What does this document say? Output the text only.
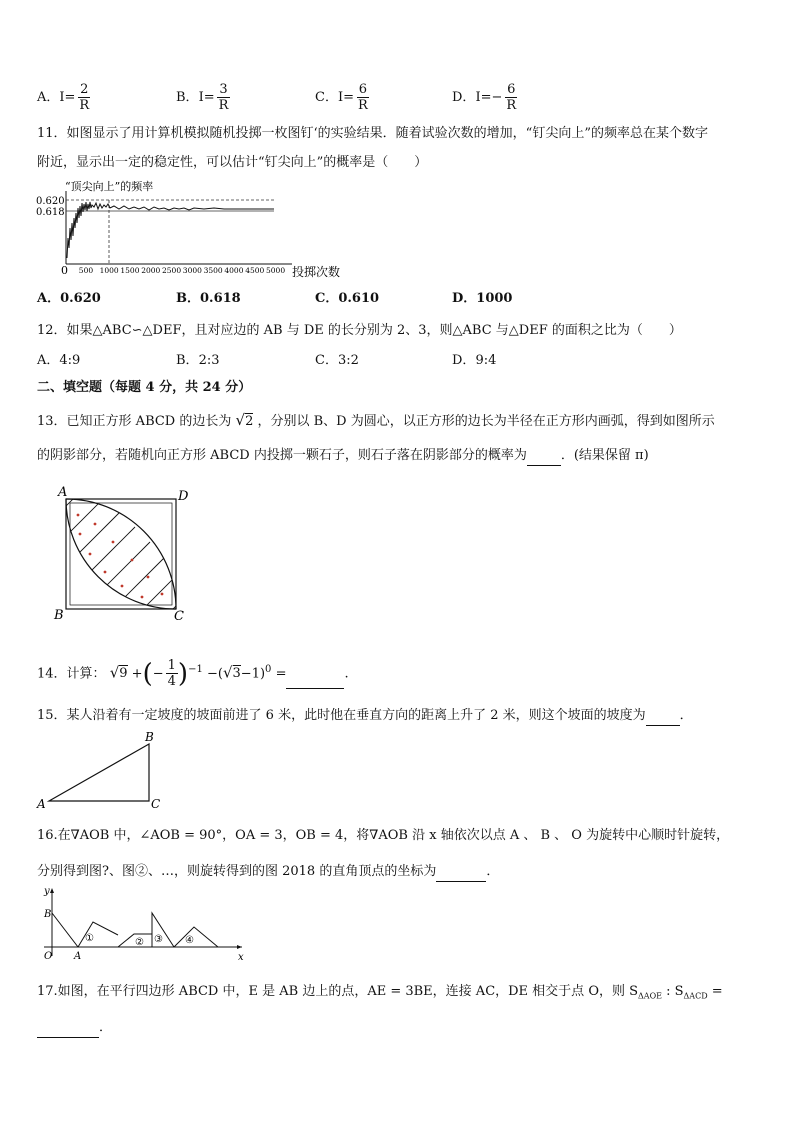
A．$I= \frac{2}{R}$	B．$I= \frac{3}{R}$	C．$I= \frac{6}{R}$	D．$I=- \frac{6}{R}$
11．如图显示了用计算机模拟随机投掷一枚图钉‘的实验结果．随着试验次数的增加，“钉尖向上”的频率总在某个数字
附近，显示出一定的稳定性，可以估计“钉尖向上”的概率是（　　）
“顶尖向上”的频率
0.620
0.618
0 500 1000 1500 2000 2500 3000 3500 4000 4500 5000 投掷次数
A．0.620	B．0.618	C．0.610	D．1000
12．如果△ABC∽△DEF，且对应边的 AB 与 DE 的长分别为 2、3，则△ABC 与△DEF 的面积之比为（　　）
A．4:9	B．2:3	C．3:2	D．9:4
二、填空题（每题 4 分，共 24 分）
13．已知正方形 ABCD 的边长为 √2 ，分别以 B、D 为圆心，以正方形的边长为半径在正方形内画弧，得到如图所示
的阴影部分，若随机向正方形 ABCD 内投掷一颗石子，则石子落在阴影部分的概率为	．(结果保留 π)
A	D
B	C
14．计算： √9 +(− $\frac{1}{4} )^{-1} -(√3-1)^0$ =	.
15．某人沿着有一定坡度的坡面前进了 6 米，此时他在垂直方向的距离上升了 2 米，则这个坡面的坡度为	．
B
A	C
16.在∇AOB 中，∠AOB = 90°，OA = 3，OB = 4，将∇AOB 沿 x 轴依次以点 A 、 B 、 O 为旋转中心顺时针旋转，
分别得到图?、图②、…，则旋转得到的图 2018 的直角顶点的坐标为	．
y
x
B
O A
①	② ③ ④
17.如图，在平行四边形 ABCD 中，E 是 AB 边上的点，AE = 3BE，连接 AC，DE 相交于点 O，则 $S_{\Delta AOE}$ : $S_{\Delta ACD}$ =
．
